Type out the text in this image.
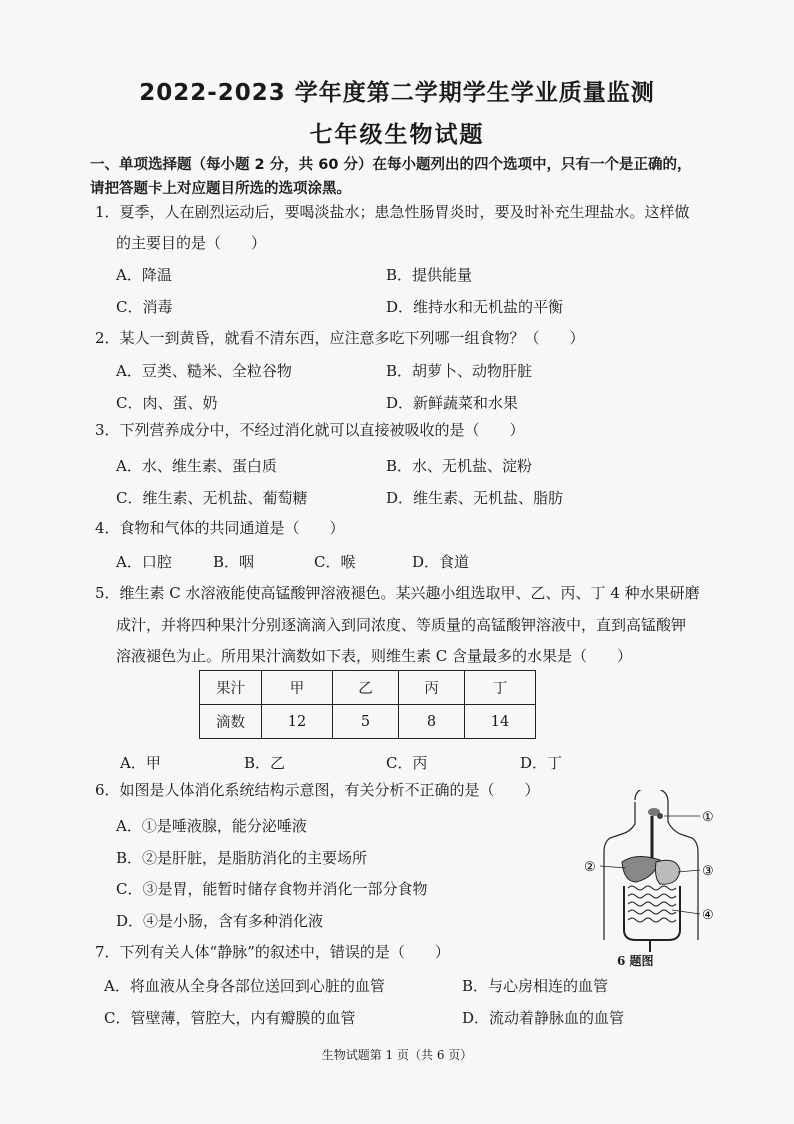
2022-2023 学年度第二学期学生学业质量监测
七年级生物试题
一、单项选择题（每小题 2 分，共 60 分）在每小题列出的四个选项中，只有一个是正确的，
请把答题卡上对应题目所选的选项涂黑。
1．夏季，人在剧烈运动后，要喝淡盐水；患急性肠胃炎时，要及时补充生理盐水。这样做
的主要目的是（　　）
A．降温	B．提供能量
C．消毒	D．维持水和无机盐的平衡
2．某人一到黄昏，就看不清东西，应注意多吃下列哪一组食物？（　　）
A．豆类、糙米、全粒谷物	B．胡萝卜、动物肝脏
C．肉、蛋、奶	D．新鲜蔬菜和水果
3．下列营养成分中，不经过消化就可以直接被吸收的是（　　）
A．水、维生素、蛋白质	B．水、无机盐、淀粉
C．维生素、无机盐、葡萄糖	D．维生素、无机盐、脂肪
4．食物和气体的共同通道是（　　）
A．口腔	B．咽	C．喉	D．食道
5．维生素 C 水溶液能使高锰酸钾溶液褪色。某兴趣小组选取甲、乙、丙、丁 4 种水果研磨
成汁，并将四种果汁分别逐滴滴入到同浓度、等质量的高锰酸钾溶液中，直到高锰酸钾
溶液褪色为止。所用果汁滴数如下表，则维生素 C 含量最多的水果是（　　）
果汁	甲	乙	丙	丁
滴数	12	5	8	14
A．甲	B．乙	C．丙	D．丁
6．如图是人体消化系统结构示意图，有关分析不正确的是（　　）
A．①是唾液腺，能分泌唾液
B．②是肝脏，是脂肪消化的主要场所
C．③是胃，能暂时储存食物并消化一部分食物
D．④是小肠，含有多种消化液
①
②	③
④
6 题图
7．下列有关人体“静脉”的叙述中，错误的是（　　）
A．将血液从全身各部位送回到心脏的血管	B．与心房相连的血管
C．管壁薄，管腔大，内有瓣膜的血管	D．流动着静脉血的血管
生物试题第 1 页（共 6 页）
